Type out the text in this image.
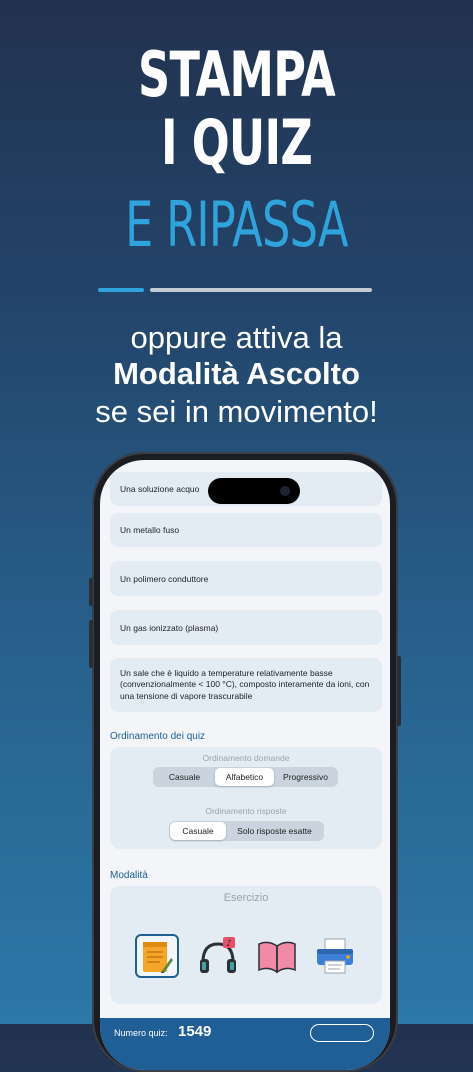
STAMPA
I QUIZ
E RIPASSA
oppure attiva la
Modalità Ascolto
se sei in movimento!
Una soluzione acquo
Un metallo fuso
Un polimero conduttore
Un gas ionizzato (plasma)
Un sale che è liquido a temperature relativamente basse (convenzionalmente < 100 °C), composto interamente da ioni, con una tensione di vapore trascurabile
Ordinamento dei quiz
Ordinamento domande
Casuale	Alfabetico	Progressivo
Ordinamento risposte
Casuale	Solo risposte esatte
Modalità
Esercizio
♪
Numero quiz: 1549
